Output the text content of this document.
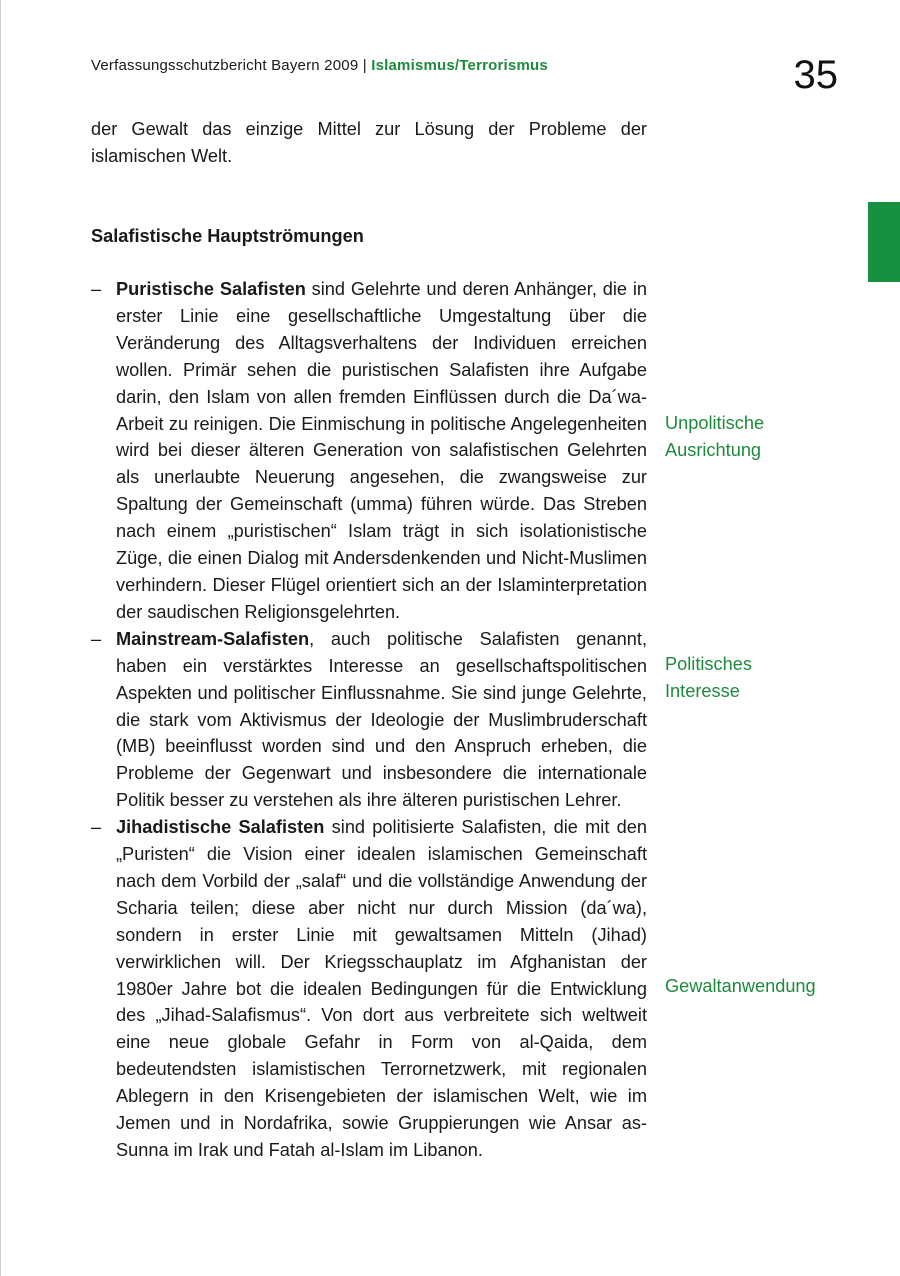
Verfassungsschutzbericht Bayern 2009 | Islamismus/Terrorismus	35

der Gewalt das einzige Mittel zur Lösung der Probleme der islamischen Welt.

Salafistische Hauptströmungen
– Puristische Salafisten sind Gelehrte und deren Anhänger, die in erster Linie eine gesellschaftliche Umgestaltung über die Veränderung des Alltagsverhaltens der Individuen erreichen wollen. Primär sehen die puristischen Salafisten ihre Aufgabe darin, den Islam von allen fremden Einflüssen durch die Da´wa-Arbeit zu reinigen. Die Einmischung in politische Angelegenheiten wird bei dieser älteren Generation von salafistischen Gelehrten als unerlaubte Neuerung angesehen, die zwangsweise zur Spaltung der Gemeinschaft (umma) führen würde. Das Streben nach einem „puristischen“ Islam trägt in sich isolationistische Züge, die einen Dialog mit Andersdenkenden und Nicht-Muslimen verhindern. Dieser Flügel orientiert sich an der Islaminterpretation der saudischen Religionsgelehrten.
– Mainstream-Salafisten, auch politische Salafisten genannt, haben ein verstärktes Interesse an gesellschaftspolitischen Aspekten und politischer Einflussnahme. Sie sind junge Gelehrte, die stark vom Aktivismus der Ideologie der Muslimbruderschaft (MB) beeinflusst worden sind und den Anspruch erheben, die Probleme der Gegenwart und insbesondere die internationale Politik besser zu verstehen als ihre älteren puristischen Lehrer.
– Jihadistische Salafisten sind politisierte Salafisten, die mit den „Puristen“ die Vision einer idealen islamischen Gemeinschaft nach dem Vorbild der „salaf“ und die vollständige Anwendung der Scharia teilen; diese aber nicht nur durch Mission (da´wa), sondern in erster Linie mit gewaltsamen Mitteln (Jihad) verwirklichen will. Der Kriegsschauplatz im Afghanistan der 1980er Jahre bot die idealen Bedingungen für die Entwicklung des „Jihad-Salafismus“. Von dort aus verbreitete sich weltweit eine neue globale Gefahr in Form von al-Qaida, dem bedeutendsten islamistischen Terrornetzwerk, mit regionalen Ablegern in den Krisengebieten der islamischen Welt, wie im Jemen und in Nordafrika, sowie Gruppierungen wie Ansar as-Sunna im Irak und Fatah al-Islam im Libanon.
Unpolitische
Ausrichtung
Politisches
Interesse
Gewaltanwendung
